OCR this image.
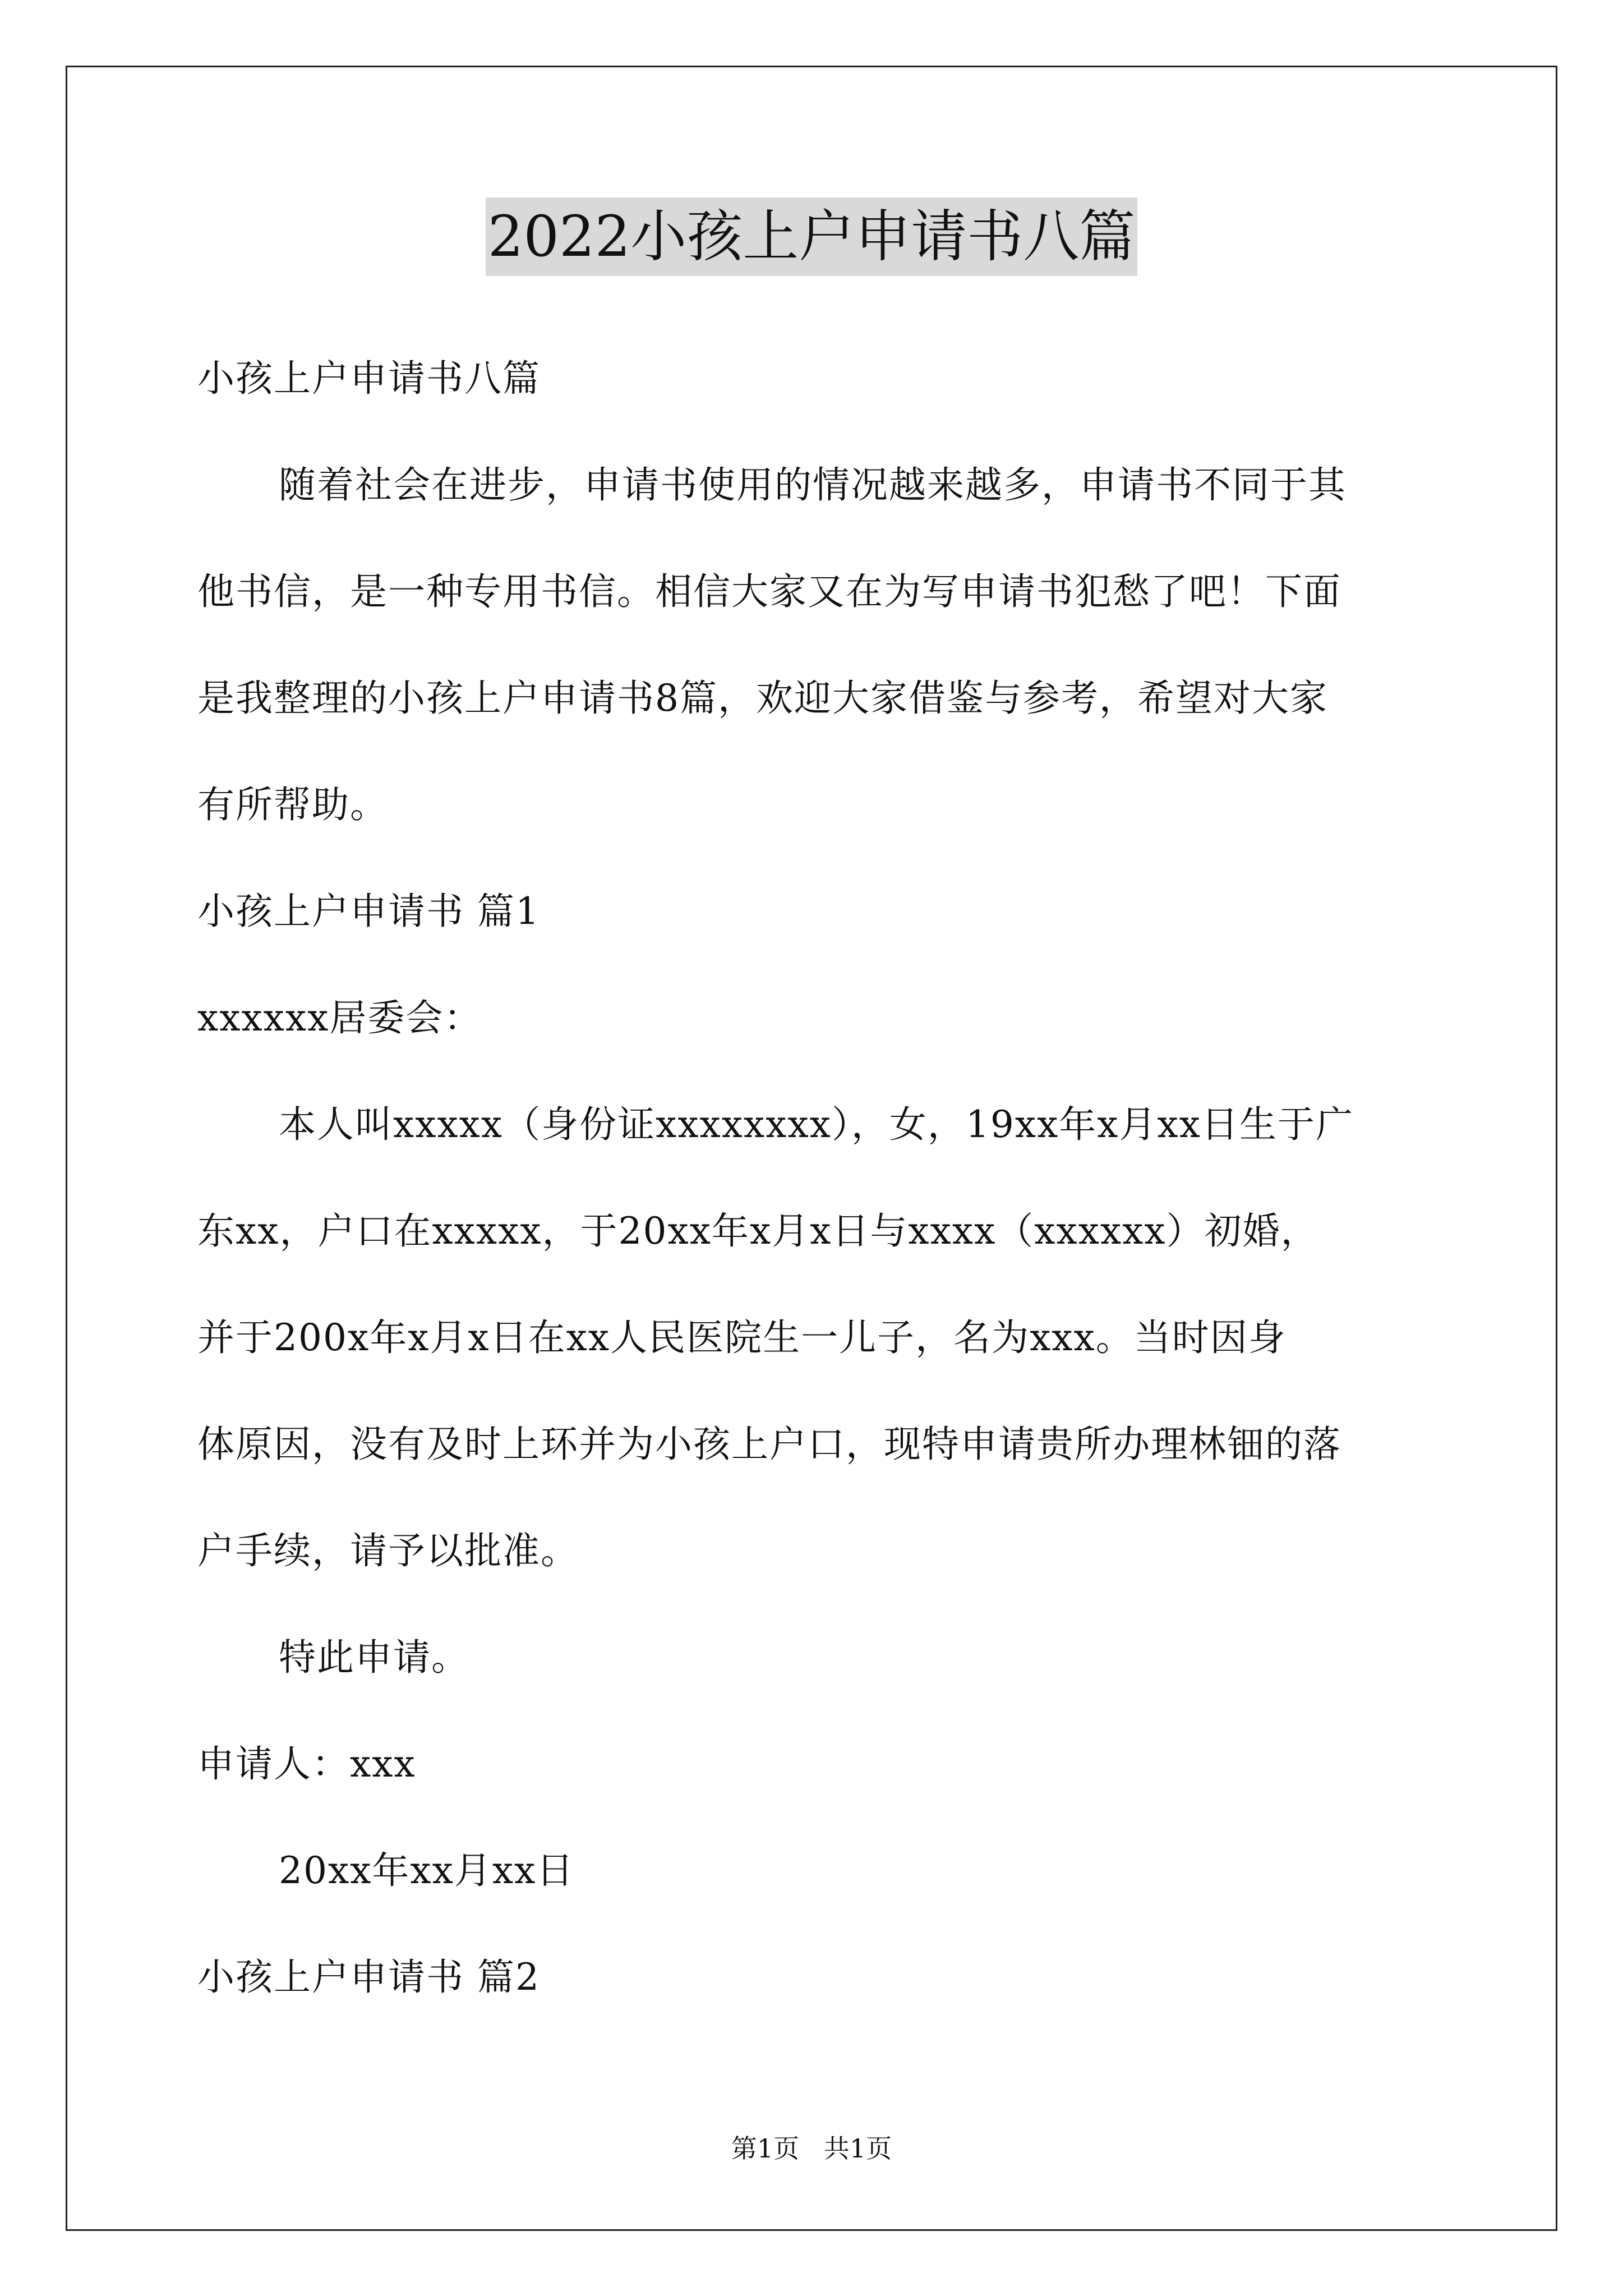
2022小孩上户申请书八篇

小孩上户申请书八篇

随着社会在进步，申请书使用的情况越来越多，申请书不同于其

他书信，是一种专用书信。相信大家又在为写申请书犯愁了吧！下面

是我整理的小孩上户申请书8篇，欢迎大家借鉴与参考，希望对大家

有所帮助。

小孩上户申请书 篇1

xxxxxx居委会：

本人叫xxxxx（身份证xxxxxxxx），女，19xx年x月xx日生于广

东xx，户口在xxxxx，于20xx年x月x日与xxxx（xxxxxx）初婚，

并于200x年x月x日在xx人民医院生一儿子，名为xxx。当时因身

体原因，没有及时上环并为小孩上户口，现特申请贵所办理林钿的落

户手续，请予以批准。

特此申请。

申请人：xxx

20xx年xx月xx日

小孩上户申请书 篇2

第1页   共1页
